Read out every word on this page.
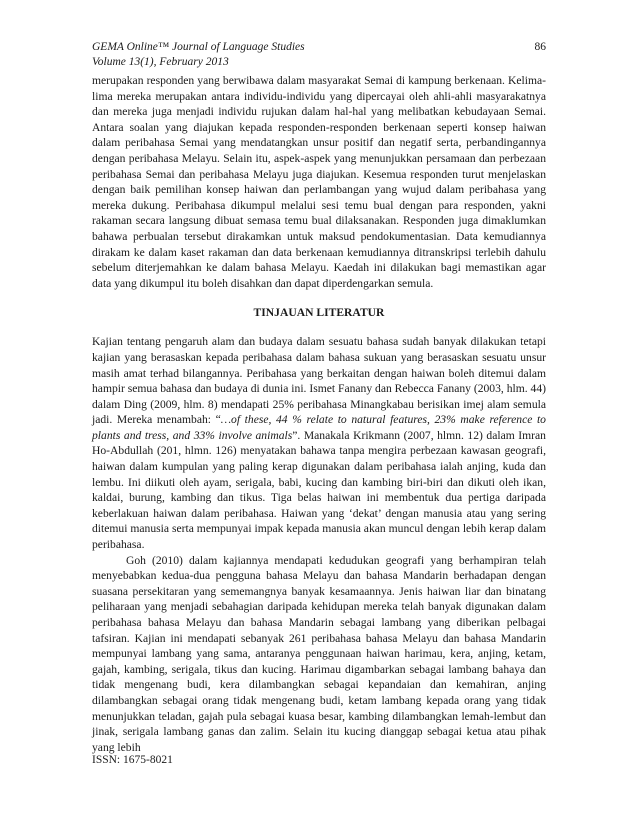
GEMA Online™ Journal of Language Studies
Volume 13(1), February 2013
86

merupakan responden yang berwibawa dalam masyarakat Semai di kampung berkenaan. Kelima-lima mereka merupakan antara individu-individu yang dipercayai oleh ahli-ahli masyarakatnya dan mereka juga menjadi individu rujukan dalam hal-hal yang melibatkan kebudayaan Semai. Antara soalan yang diajukan kepada responden-responden berkenaan seperti konsep haiwan dalam peribahasa Semai yang mendatangkan unsur positif dan negatif serta, perbandingannya dengan peribahasa Melayu. Selain itu, aspek-aspek yang menunjukkan persamaan dan perbezaan peribahasa Semai dan peribahasa Melayu juga diajukan. Kesemua responden turut menjelaskan dengan baik pemilihan konsep haiwan dan perlambangan yang wujud dalam peribahasa yang mereka dukung. Peribahasa dikumpul melalui sesi temu bual dengan para responden, yakni rakaman secara langsung dibuat semasa temu bual dilaksanakan. Responden juga dimaklumkan bahawa perbualan tersebut dirakamkan untuk maksud pendokumentasian. Data kemudiannya dirakam ke dalam kaset rakaman dan data berkenaan kemudiannya ditranskripsi terlebih dahulu sebelum diterjemahkan ke dalam bahasa Melayu. Kaedah ini dilakukan bagi memastikan agar data yang dikumpul itu boleh disahkan dan dapat diperdengarkan semula.

TINJAUAN LITERATUR

Kajian tentang pengaruh alam dan budaya dalam sesuatu bahasa sudah banyak dilakukan tetapi kajian yang berasaskan kepada peribahasa dalam bahasa sukuan yang berasaskan sesuatu unsur masih amat terhad bilangannya. Peribahasa yang berkaitan dengan haiwan boleh ditemui dalam hampir semua bahasa dan budaya di dunia ini. Ismet Fanany dan Rebecca Fanany (2003, hlm. 44) dalam Ding (2009, hlm. 8) mendapati 25% peribahasa Minangkabau berisikan imej alam semula jadi. Mereka menambah: “…of these, 44 % relate to natural features, 23% make reference to plants and tress, and 33% involve animals”. Manakala Krikmann (2007, hlmn. 12) dalam Imran Ho-Abdullah (201, hlmn. 126) menyatakan bahawa tanpa mengira perbezaan kawasan geografi, haiwan dalam kumpulan yang paling kerap digunakan dalam peribahasa ialah anjing, kuda dan lembu. Ini diikuti oleh ayam, serigala, babi, kucing dan kambing biri-biri dan dikuti oleh ikan, kaldai, burung, kambing dan tikus. Tiga belas haiwan ini membentuk dua pertiga daripada keberlakuan haiwan dalam peribahasa. Haiwan yang ‘dekat’ dengan manusia atau yang sering ditemui manusia serta mempunyai impak kepada manusia akan muncul dengan lebih kerap dalam peribahasa.

Goh (2010) dalam kajiannya mendapati kedudukan geografi yang berhampiran telah menyebabkan kedua-dua pengguna bahasa Melayu dan bahasa Mandarin berhadapan dengan suasana persekitaran yang sememangnya banyak kesamaannya. Jenis haiwan liar dan binatang peliharaan yang menjadi sebahagian daripada kehidupan mereka telah banyak digunakan dalam peribahasa bahasa Melayu dan bahasa Mandarin sebagai lambang yang diberikan pelbagai tafsiran. Kajian ini mendapati sebanyak 261 peribahasa bahasa Melayu dan bahasa Mandarin mempunyai lambang yang sama, antaranya penggunaan haiwan harimau, kera, anjing, ketam, gajah, kambing, serigala, tikus dan kucing. Harimau digambarkan sebagai lambang bahaya dan tidak mengenang budi, kera dilambangkan sebagai kepandaian dan kemahiran, anjing dilambangkan sebagai orang tidak mengenang budi, ketam lambang kepada orang yang tidak menunjukkan teladan, gajah pula sebagai kuasa besar, kambing dilambangkan lemah-lembut dan jinak, serigala lambang ganas dan zalim. Selain itu kucing dianggap sebagai ketua atau pihak yang lebih

ISSN: 1675-8021
